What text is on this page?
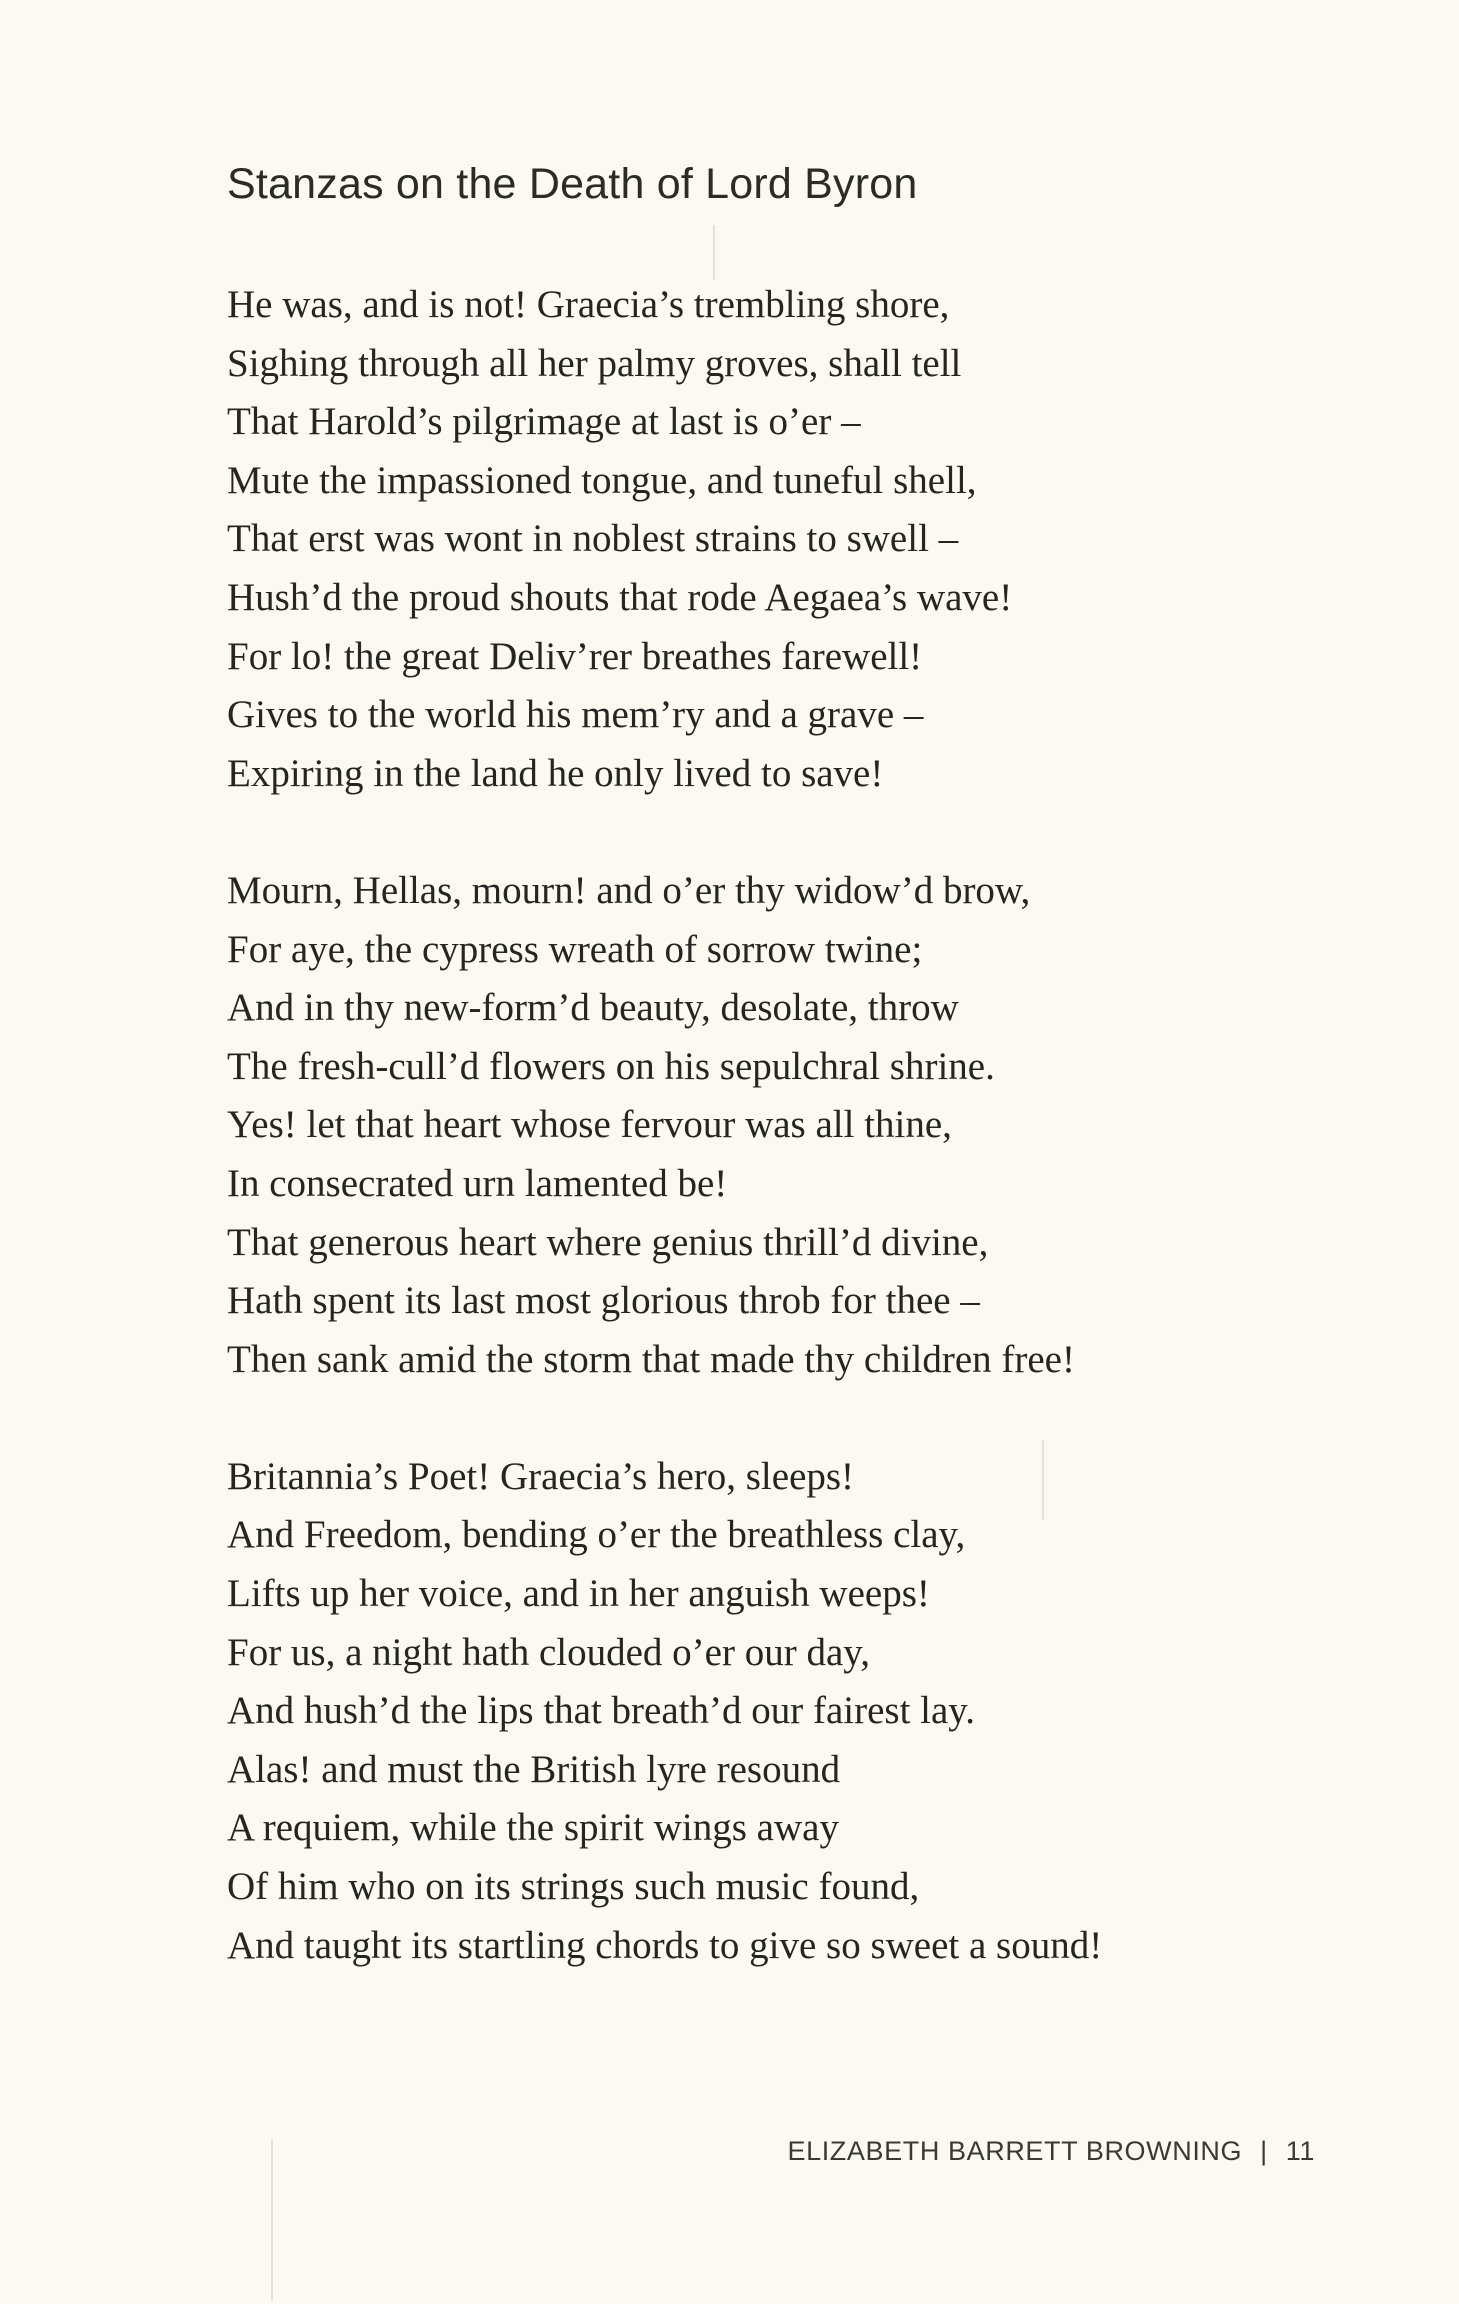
Stanzas on the Death of Lord Byron
He was, and is not! Graecia’s trembling shore,
Sighing through all her palmy groves, shall tell
That Harold’s pilgrimage at last is o’er –
Mute the impassioned tongue, and tuneful shell,
That erst was wont in noblest strains to swell –
Hush’d the proud shouts that rode Aegaea’s wave!
For lo! the great Deliv’rer breathes farewell!
Gives to the world his mem’ry and a grave –
Expiring in the land he only lived to save!
Mourn, Hellas, mourn! and o’er thy widow’d brow,
For aye, the cypress wreath of sorrow twine;
And in thy new-form’d beauty, desolate, throw
The fresh-cull’d flowers on his sepulchral shrine.
Yes! let that heart whose fervour was all thine,
In consecrated urn lamented be!
That generous heart where genius thrill’d divine,
Hath spent its last most glorious throb for thee –
Then sank amid the storm that made thy children free!
Britannia’s Poet! Graecia’s hero, sleeps!
And Freedom, bending o’er the breathless clay,
Lifts up her voice, and in her anguish weeps!
For us, a night hath clouded o’er our day,
And hush’d the lips that breath’d our fairest lay.
Alas! and must the British lyre resound
A requiem, while the spirit wings away
Of him who on its strings such music found,
And taught its startling chords to give so sweet a sound!
ELIZABETH BARRETT BROWNING | 11
